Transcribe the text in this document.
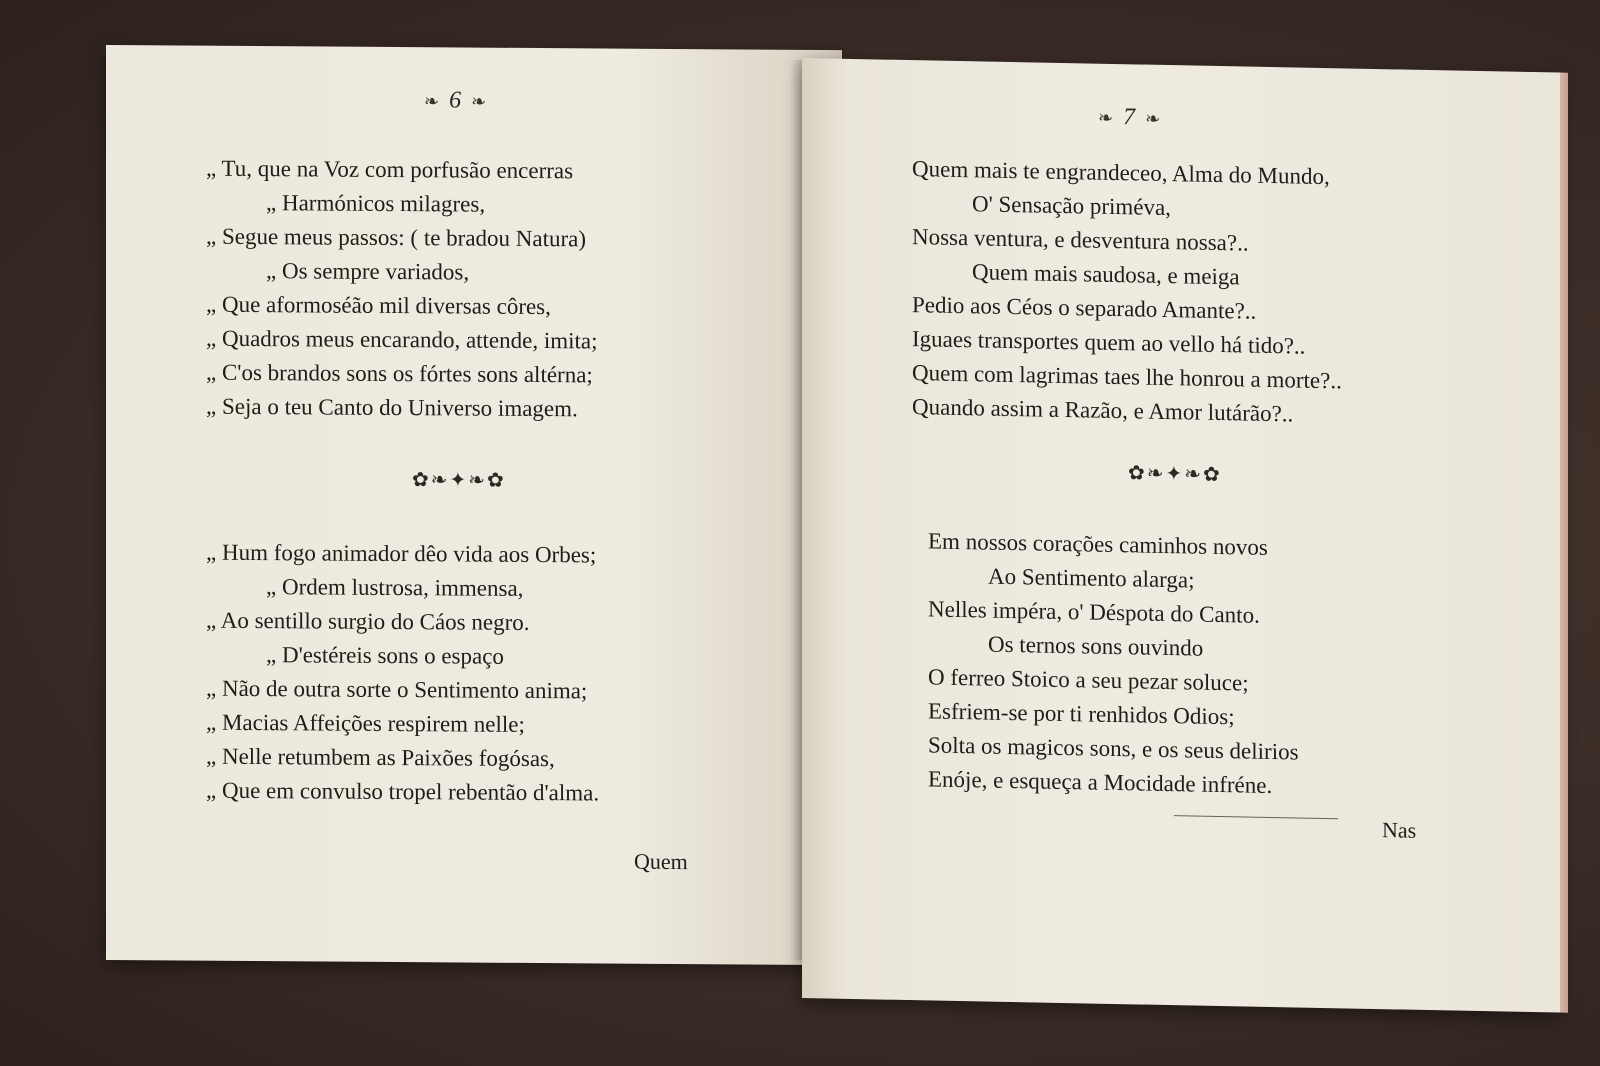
❧ 6 ❧
„ Tu, que na Voz com porfusão encerras
„ Harmónicos milagres,
„ Segue meus passos: ( te bradou Natura)
„ Os sempre variados,
„ Que aformoséão mil diversas côres,
„ Quadros meus encarando, attende, imita;
„ C'os brandos sons os fórtes sons altérna;
„ Seja o teu Canto do Universo imagem.
✿❧✦❧✿
„ Hum fogo animador dêo vida aos Orbes;
„ Ordem lustrosa, immensa,
„ Ao sentillo surgio do Cáos negro.
„ D'estéreis sons o espaço
„ Não de outra sorte o Sentimento anima;
„ Macias Affeições respirem nelle;
„ Nelle retumbem as Paixões fogósas,
„ Que em convulso tropel rebentão d'alma.
Quem
❧ 7 ❧
Quem mais te engrandeceo, Alma do Mundo,
O' Sensação priméva,
Nossa ventura, e desventura nossa?..
Quem mais saudosa, e meiga
Pedio aos Céos o separado Amante?..
Iguaes transportes quem ao vello há tido?..
Quem com lagrimas taes lhe honrou a morte?..
Quando assim a Razão, e Amor lutárão?..
✿❧✦❧✿
Em nossos corações caminhos novos
Ao Sentimento alarga;
Nelles impéra, o' Déspota do Canto.
Os ternos sons ouvindo
O ferreo Stoico a seu pezar soluce;
Esfriem-se por ti renhidos Odios;
Solta os magicos sons, e os seus delirios
Enóje, e esqueça a Mocidade infréne.
Nas
